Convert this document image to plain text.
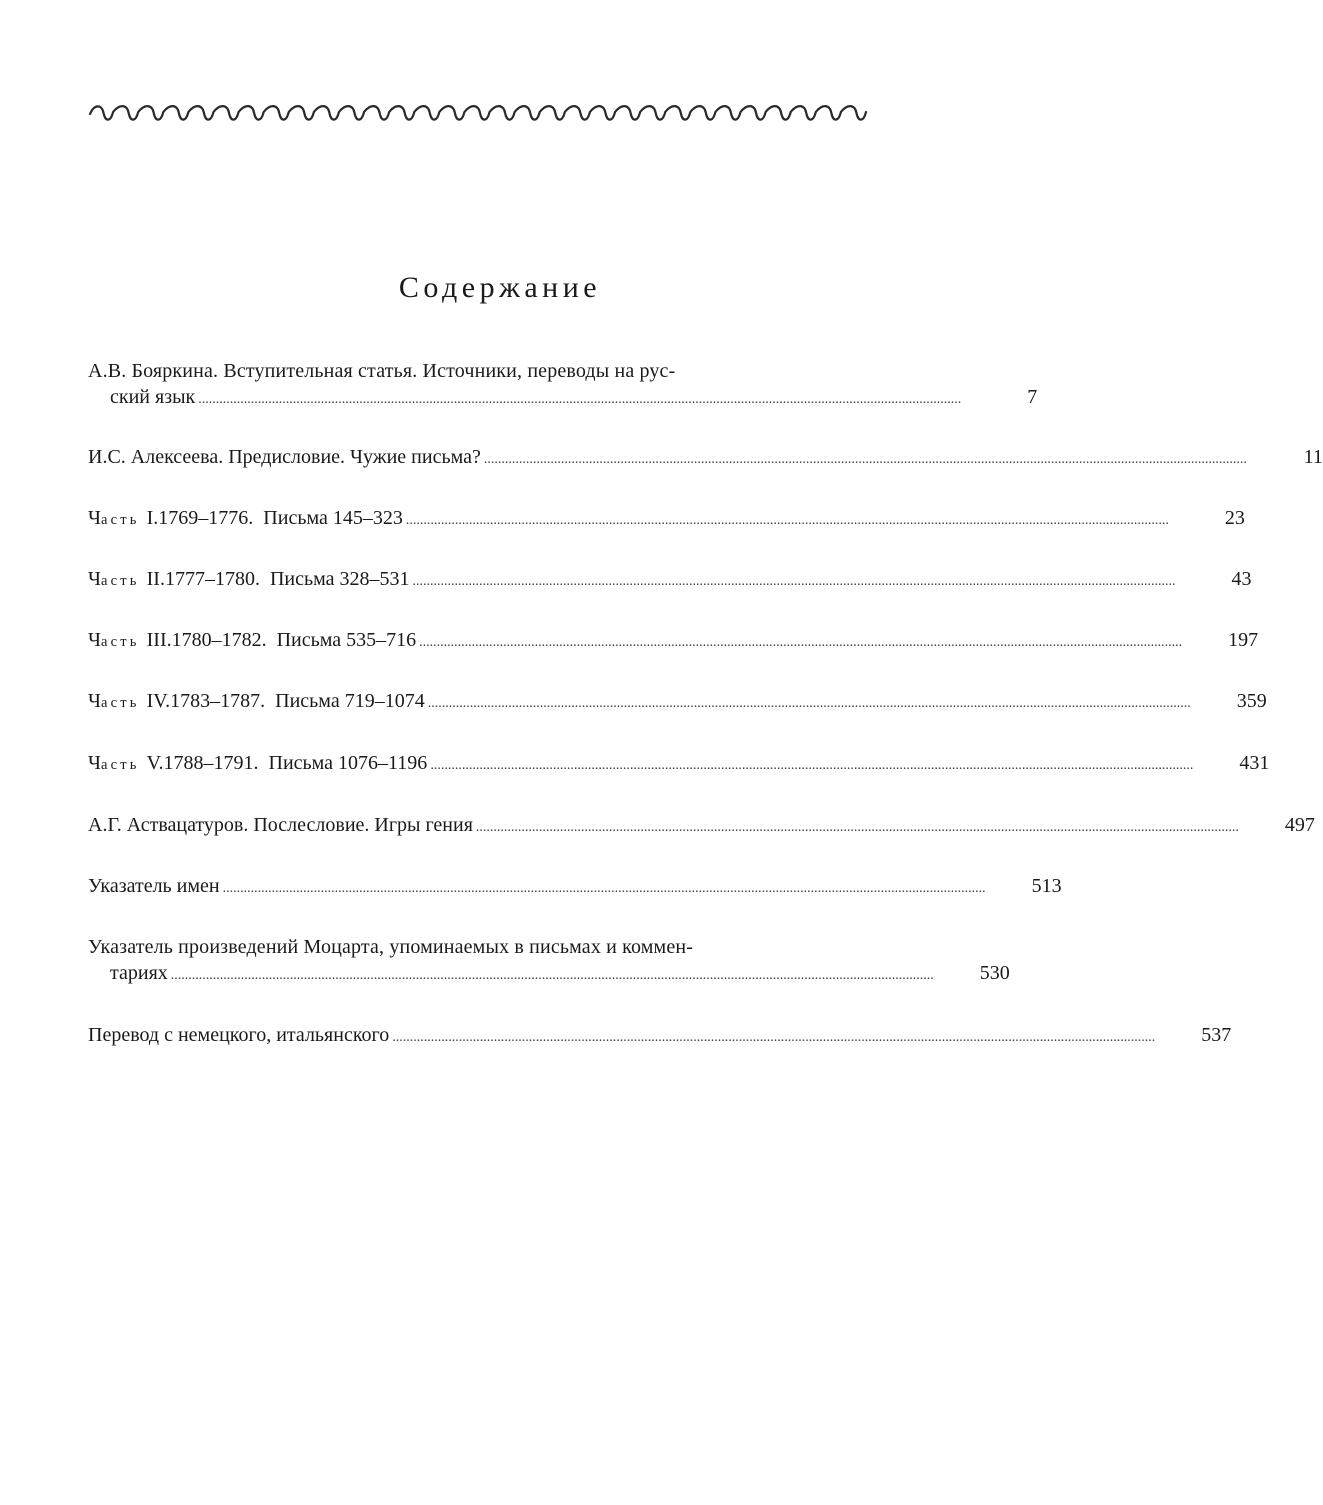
Содержание
А.В. Бояркина. Вступительная статья. Источники, переводы на рус-
ский язык ..........................................................................................................................................................................................................................	7
И.С. Алексеева. Предисловие. Чужие письма? ..........................................................................................................................................................................................................................	11
Часть I. 1769–1776.  Письма 145–323 ..........................................................................................................................................................................................................................	23
Часть II. 1777–1780.  Письма 328–531 ..........................................................................................................................................................................................................................	43
Часть III. 1780–1782.  Письма 535–716 ..........................................................................................................................................................................................................................	197
Часть IV. 1783–1787.  Письма 719–1074 ..........................................................................................................................................................................................................................	359
Часть V. 1788–1791.  Письма 1076–1196 ..........................................................................................................................................................................................................................	431
А.Г. Аствацатуров. Послесловие. Игры гения ..........................................................................................................................................................................................................................	497
Указатель имен ..........................................................................................................................................................................................................................	513
Указатель произведений Моцарта, упоминаемых в письмах и коммен-
тариях ..........................................................................................................................................................................................................................	530
Перевод с немецкого, итальянского ..........................................................................................................................................................................................................................	537
